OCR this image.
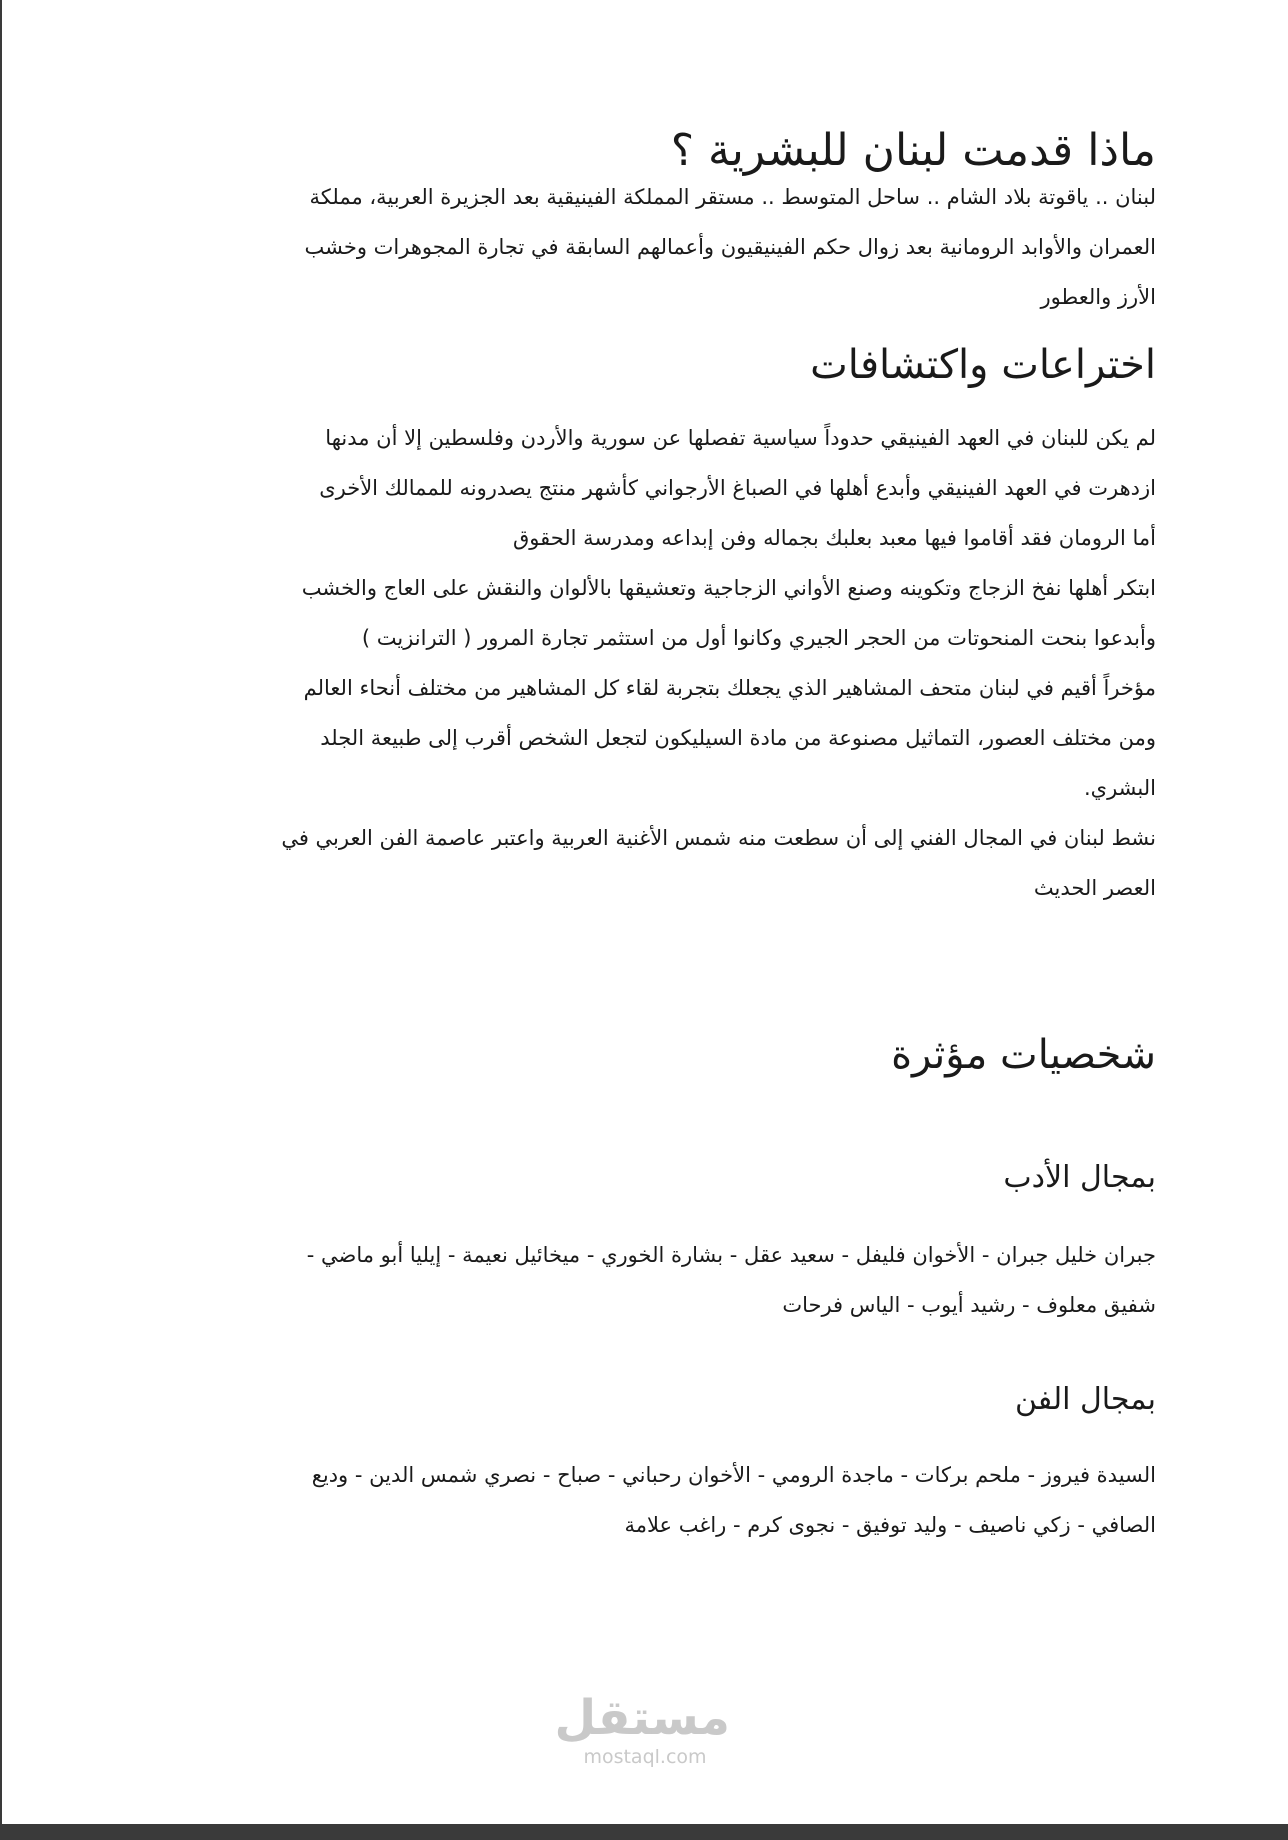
ماذا قدمت لبنان للبشرية ؟

لبنان .. ياقوتة بلاد الشام .. ساحل المتوسط .. مستقر المملكة الفينيقية بعد الجزيرة العربية، مملكة
العمران والأوابد الرومانية بعد زوال حكم الفينيقيون وأعمالهم السابقة في تجارة المجوهرات وخشب
الأرز والعطور

اختراعات واكتشافات

لم يكن للبنان في العهد الفينيقي حدوداً سياسية تفصلها عن سورية والأردن وفلسطين إلا أن مدنها
ازدهرت في العهد الفينيقي وأبدع أهلها في الصباغ الأرجواني كأشهر منتج يصدرونه للممالك الأخرى
أما الرومان فقد أقاموا فيها معبد بعلبك بجماله وفن إبداعه ومدرسة الحقوق
ابتكر أهلها نفخ الزجاج وتكوينه وصنع الأواني الزجاجية وتعشيقها بالألوان والنقش على العاج والخشب
وأبدعوا بنحت المنحوتات من الحجر الجيري وكانوا أول من استثمر تجارة المرور ( الترانزيت )
مؤخراً أقيم في لبنان متحف المشاهير الذي يجعلك بتجربة لقاء كل المشاهير من مختلف أنحاء العالم
ومن مختلف العصور، التماثيل مصنوعة من مادة السيليكون لتجعل الشخص أقرب إلى طبيعة الجلد
البشري.
نشط لبنان في المجال الفني إلى أن سطعت منه شمس الأغنية العربية واعتبر عاصمة الفن العربي في
العصر الحديث

شخصيات مؤثرة
بمجال الأدب

جبران خليل جبران - الأخوان فليفل - سعيد عقل - بشارة الخوري - ميخائيل نعيمة - إيليا أبو ماضي -
شفيق معلوف - رشيد أيوب - الياس فرحات

بمجال الفن

السيدة فيروز - ملحم بركات - ماجدة الرومي - الأخوان رحباني - صباح - نصري شمس الدين - وديع
الصافي - زكي ناصيف - وليد توفيق - نجوى كرم - راغب علامة

مستقل
mostaql.com
